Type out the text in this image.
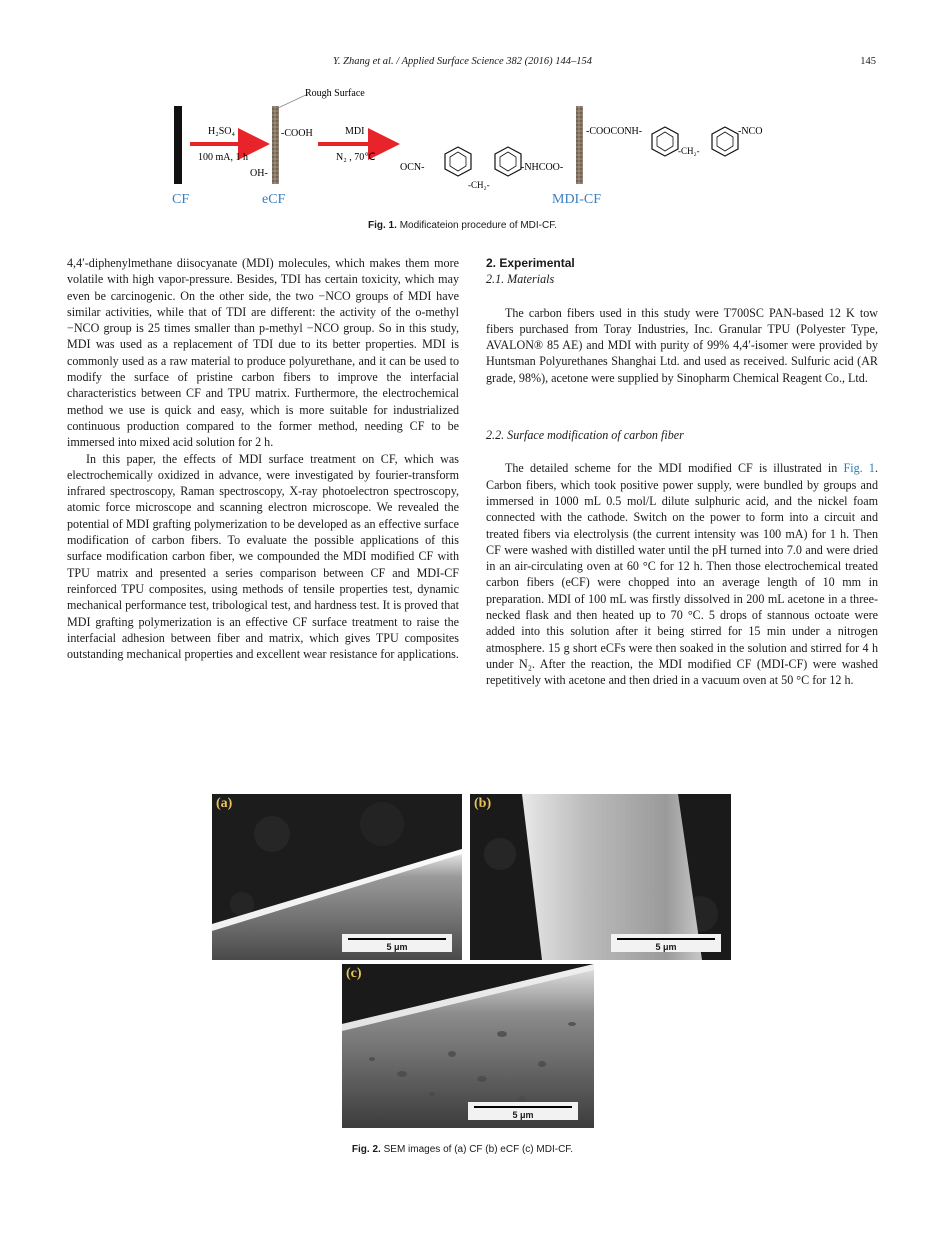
Y. Zhang et al. / Applied Surface Science 382 (2016) 144–154	145
CF
H₂SO₄
100 mA, 1 h
Rough Surface
-COOH
OH-
eCF
MDI
N₂ , 70℃
OCN-
-CH₂-
-NHCOO-
-COOCONH-
-CH₂-
-NCO
MDI-CF
Fig. 1. Modificateion procedure of MDI-CF.

4,4′-diphenylmethane diisocyanate (MDI) molecules, which makes them more volatile with high vapor-pressure. Besides, TDI has certain toxicity, which may even be carcinogenic. On the other side, the two −NCO groups of MDI have similar activities, while that of TDI are different: the activity of the o-methyl −NCO group is 25 times smaller than p-methyl −NCO group. So in this study, MDI was used as a replacement of TDI due to its better properties. MDI is commonly used as a raw material to produce polyurethane, and it can be used to modify the surface of pristine carbon fibers to improve the interfacial characteristics between CF and TPU matrix. Furthermore, the electrochemical method we use is quick and easy, which is more suitable for industrialized continuous production compared to the former method, needing CF to be immersed into mixed acid solution for 2 h.

In this paper, the effects of MDI surface treatment on CF, which was electrochemically oxidized in advance, were investigated by fourier-transform infrared spectroscopy, Raman spectroscopy, X-ray photoelectron spectroscopy, atomic force microscope and scanning electron microscope. We revealed the potential of MDI grafting polymerization to be developed as an effective surface modification of carbon fibers. To evaluate the possible applications of this surface modification carbon fiber, we compounded the MDI modified CF with TPU matrix and presented a series comparison between CF and MDI-CF reinforced TPU composites, using methods of tensile properties test, dynamic mechanical performance test, tribological test, and hardness test. It is proved that MDI grafting polymerization is an effective CF surface treatment to raise the interfacial adhesion between fiber and matrix, which gives TPU composites outstanding mechanical properties and excellent wear resistance for applications.

2. Experimental

2.1. Materials

The carbon fibers used in this study were T700SC PAN-based 12 K tow fibers purchased from Toray Industries, Inc. Granular TPU (Polyester Type, AVALON® 85 AE) and MDI with purity of 99% 4,4′-isomer were provided by Huntsman Polyurethanes Shanghai Ltd. and used as received. Sulfuric acid (AR grade, 98%), acetone were supplied by Sinopharm Chemical Reagent Co., Ltd.

2.2. Surface modification of carbon fiber

The detailed scheme for the MDI modified CF is illustrated in Fig. 1. Carbon fibers, which took positive power supply, were bundled by groups and immersed in 1000 mL 0.5 mol/L dilute sulphuric acid, and the nickel foam connected with the cathode. Switch on the power to form into a circuit and treated fibers via electrolysis (the current intensity was 100 mA) for 1 h. Then CF were washed with distilled water until the pH turned into 7.0 and were dried in an air-circulating oven at 60 °C for 12 h. Then those electrochemical treated carbon fibers (eCF) were chopped into an average length of 10 mm in preparation. MDI of 100 mL was firstly dissolved in 200 mL acetone in a three-necked flask and then heated up to 70 °C. 5 drops of stannous octoate were added into this solution after it being stirred for 15 min under a nitrogen atmosphere. 15 g short eCFs were then soaked in the solution and stirred for 4 h under N₂. After the reaction, the MDI modified CF (MDI-CF) were washed repetitively with acetone and then dried in a vacuum oven at 50 °C for 12 h.

(a)
5 μm
(b)
5 μm
(c)
5 μm
Fig. 2. SEM images of (a) CF (b) eCF (c) MDI-CF.
